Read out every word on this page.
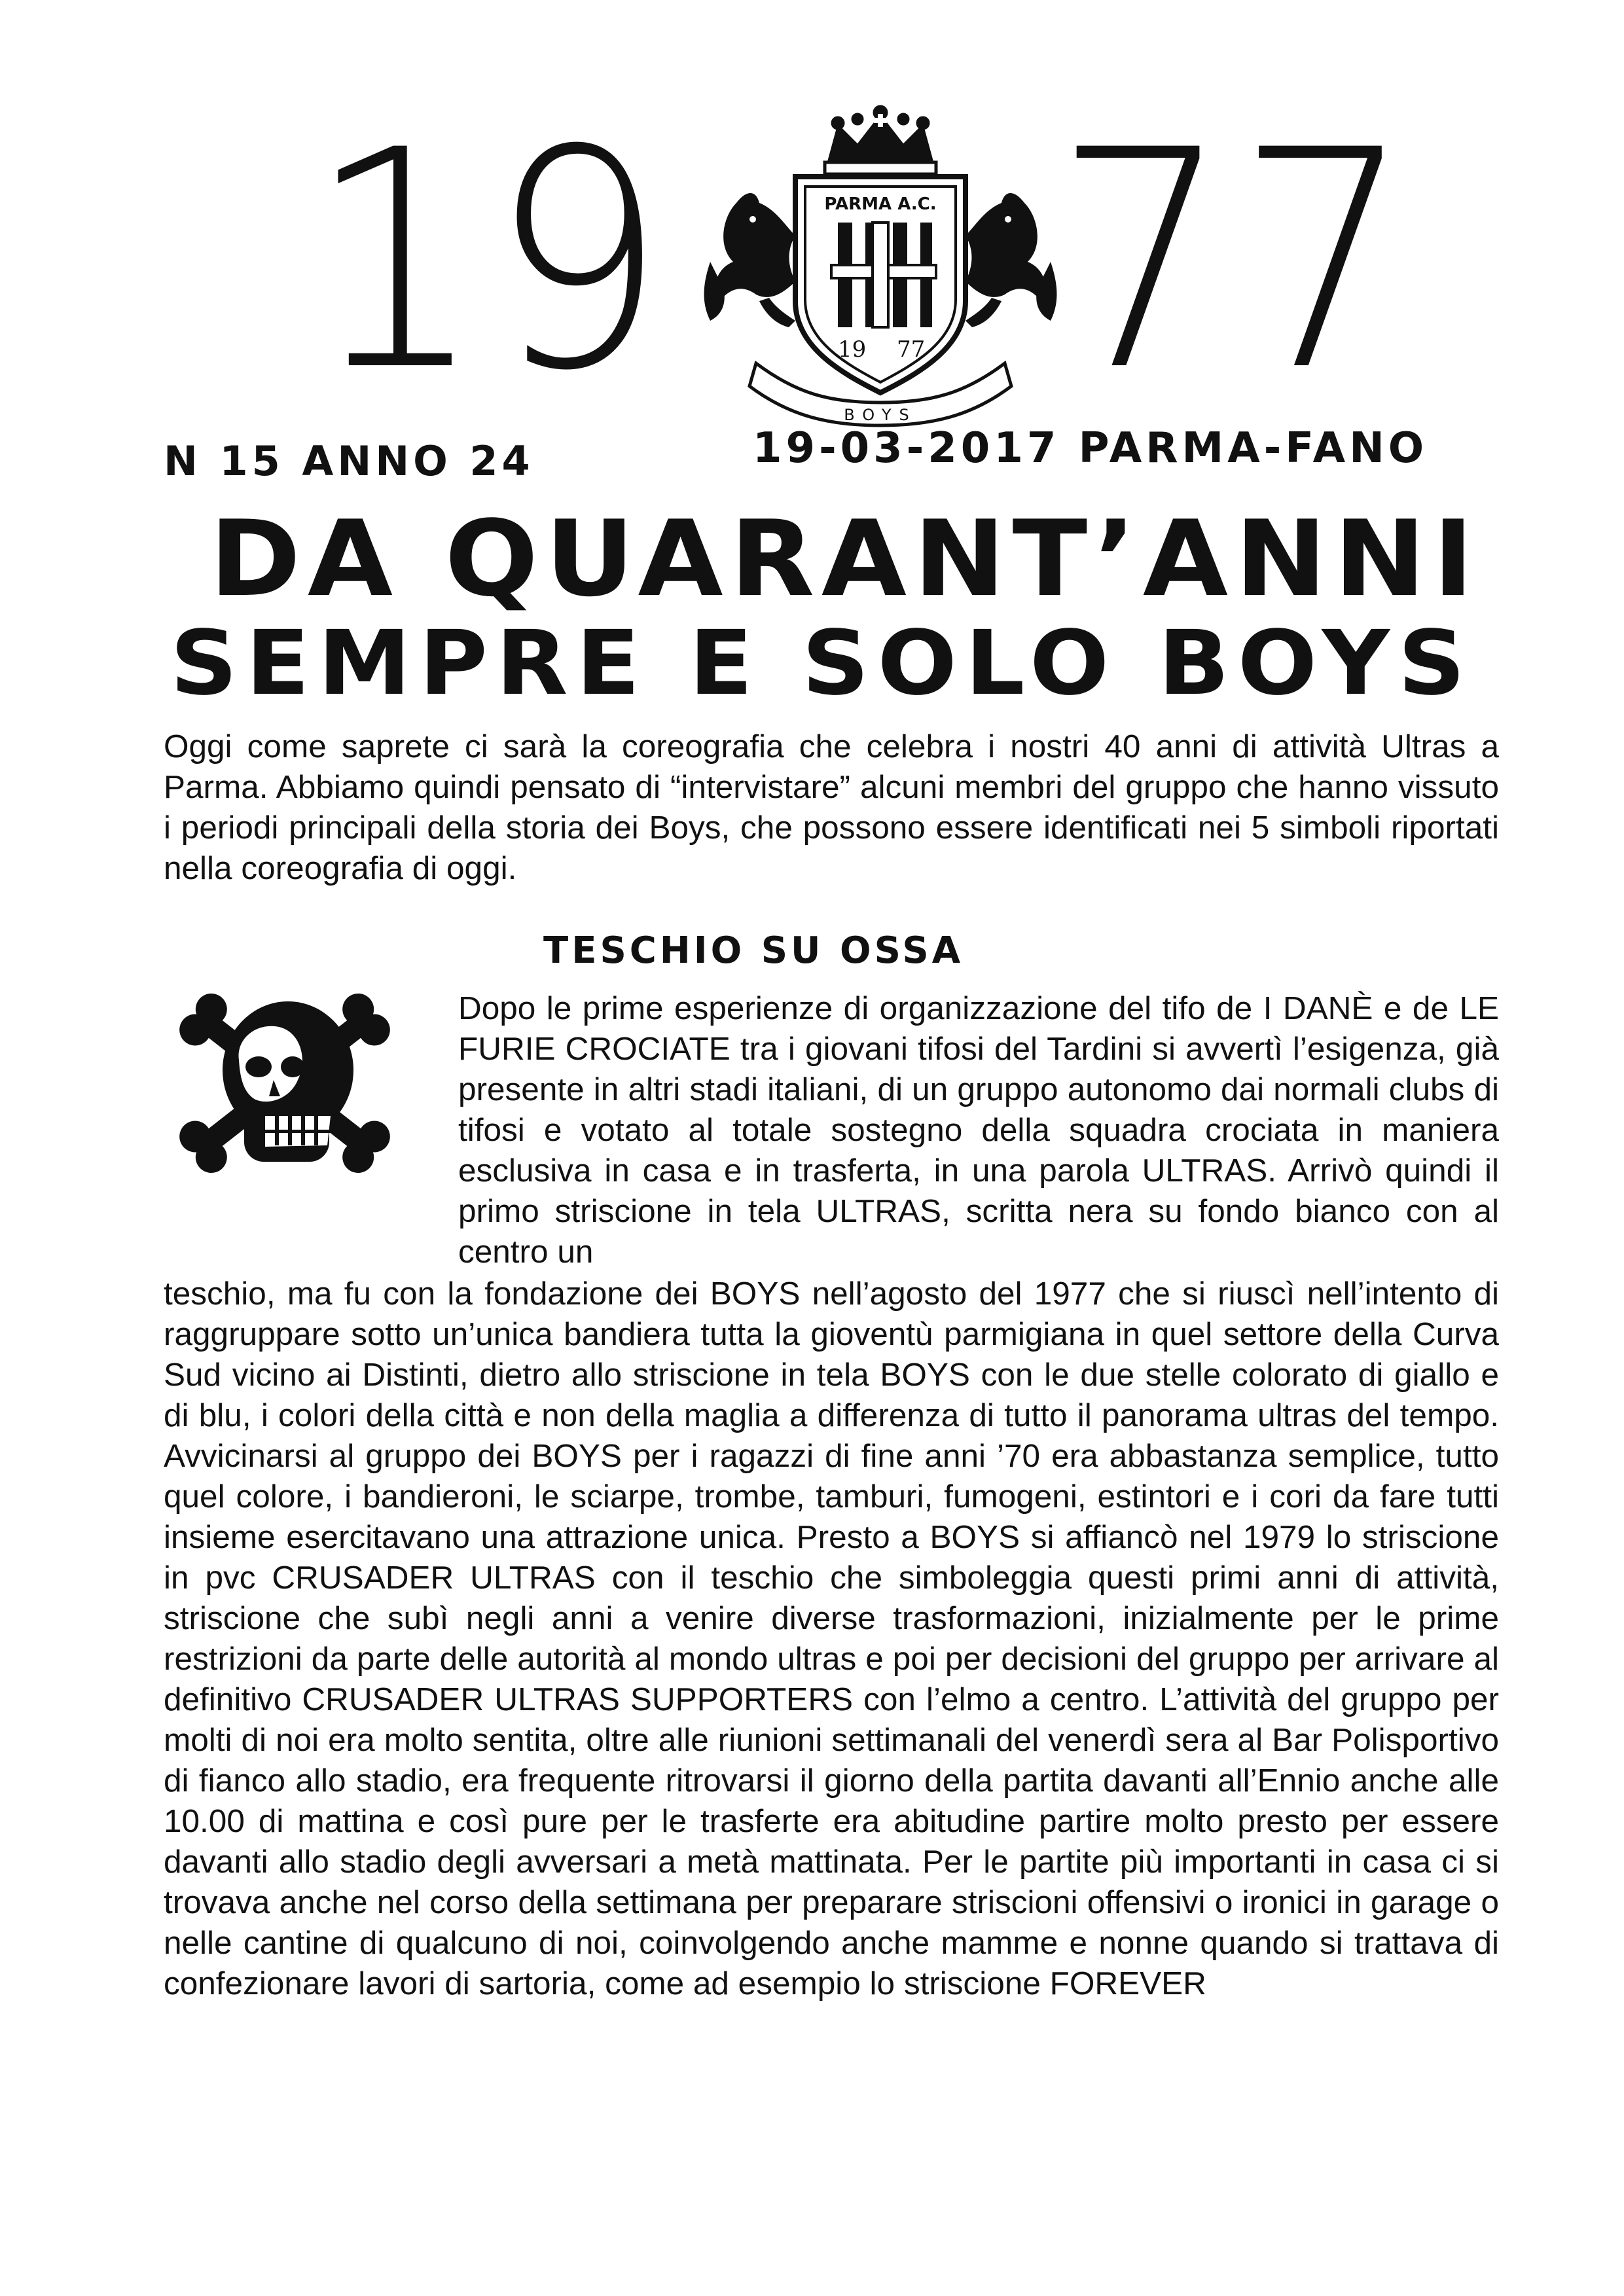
19	PARMA A.C.
19 77
BOYS 77
N 15 ANNO 24	19-03-2017 PARMA-FANO
DA QUARANT’ANNI
SEMPRE E SOLO BOYS

Oggi come saprete ci sarà la coreografia che celebra i nostri 40 anni di attività Ultras a Parma. Abbiamo quindi pensato di “intervistare” alcuni membri del gruppo che hanno vissuto i periodi principali della storia dei Boys, che possono essere identificati nei 5 simboli riportati nella coreografia di oggi.

TESCHIO SU OSSA

Dopo le prime esperienze di organizzazione del tifo de I DANÈ e de LE FURIE CROCIATE tra i giovani tifosi del Tardini si avvertì l’esigenza, già presente in altri stadi italiani, di un gruppo autonomo dai normali clubs di tifosi e votato al totale sostegno della squadra crociata in maniera esclusiva in casa e in trasferta, in una parola ULTRAS. Arrivò quindi il primo striscione in tela ULTRAS, scritta nera su fondo bianco con al centro un

teschio, ma fu con la fondazione dei BOYS nell’agosto del 1977 che si riuscì nell’intento di raggruppare sotto un’unica bandiera tutta la gioventù parmigiana in quel settore della Curva Sud vicino ai Distinti, dietro allo striscione in tela BOYS con le due stelle colorato di giallo e di blu, i colori della città e non della maglia a differenza di tutto il panorama ultras del tempo. Avvicinarsi al gruppo dei BOYS per i ragazzi di fine anni ’70 era abbastanza semplice, tutto quel colore, i bandieroni, le sciarpe, trombe, tamburi, fumogeni, estintori e i cori da fare tutti insieme esercitavano una attrazione unica. Presto a BOYS si affiancò nel 1979 lo striscione in pvc CRUSADER ULTRAS con il teschio che simboleggia questi primi anni di attività, striscione che subì negli anni a venire diverse trasformazioni, inizialmente per le prime restrizioni da parte delle autorità al mondo ultras e poi per decisioni del gruppo per arrivare al definitivo CRUSADER ULTRAS SUPPORTERS con l’elmo a centro. L’attività del gruppo per molti di noi era molto sentita, oltre alle riunioni settimanali del venerdì sera al Bar Polisportivo di fianco allo stadio, era frequente ritrovarsi il giorno della partita davanti all’Ennio anche alle 10.00 di mattina e così pure per le trasferte era abitudine partire molto presto per essere davanti allo stadio degli avversari a metà mattinata. Per le partite più importanti in casa ci si trovava anche nel corso della settimana per preparare striscioni offensivi o ironici in garage o nelle cantine di qualcuno di noi, coinvolgendo anche mamme e nonne quando si trattava di confezionare lavori di sartoria, come ad esempio lo striscione FOREVER
